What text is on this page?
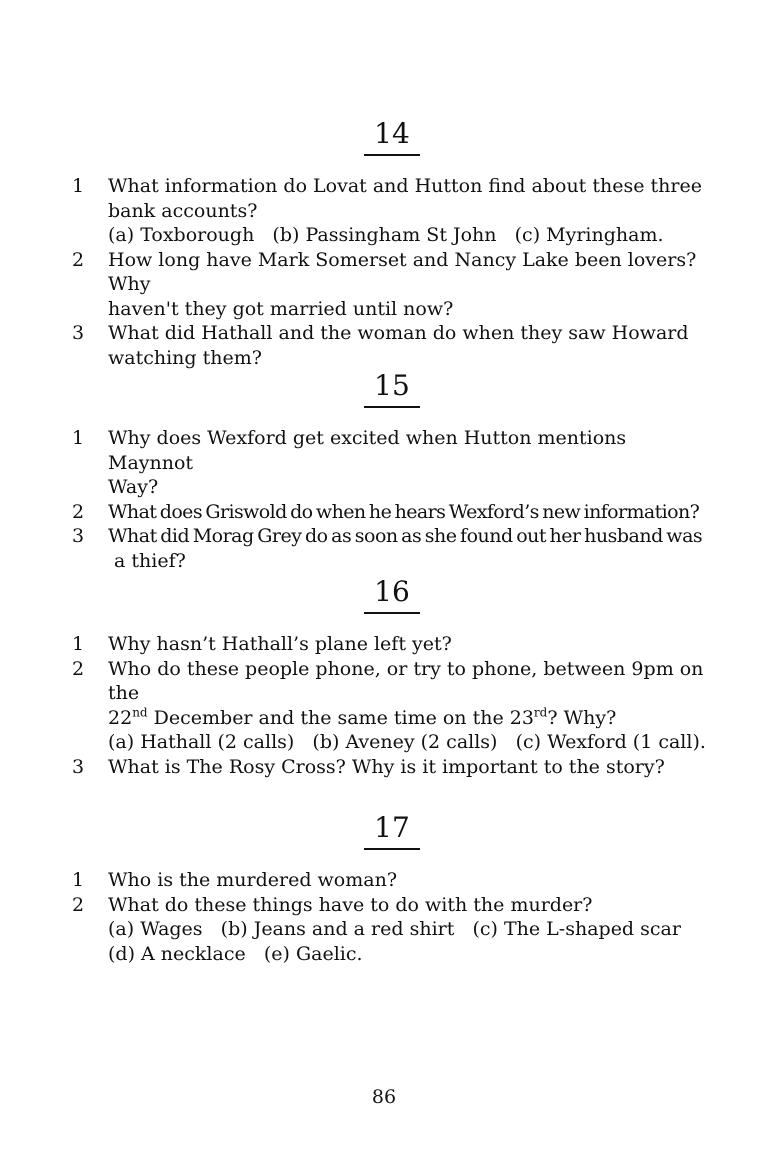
14
1	What information do Lovat and Hutton find about these three
bank accounts?
(a) Toxborough   (b) Passingham St John   (c) Myringham.
2	How long have Mark Somerset and Nancy Lake been lovers? Why
haven't they got married until now?
3	What did Hathall and the woman do when they saw Howard
watching them?
15
1	Why does Wexford get excited when Hutton mentions Maynnot
Way?
2	What does Griswold do when he hears Wexford’s new information?
3	What did Morag Grey do as soon as she found out her husband was
a thief?
16
1	Why hasn’t Hathall’s plane left yet?
2	Who do these people phone, or try to phone, between 9pm on the
22nd December and the same time on the 23rd? Why?
(a) Hathall (2 calls)   (b) Aveney (2 calls)   (c) Wexford (1 call).
3	What is The Rosy Cross? Why is it important to the story?
17
1	Who is the murdered woman?
2	What do these things have to do with the murder?
(a) Wages   (b) Jeans and a red shirt   (c) The L-shaped scar
(d) A necklace   (e) Gaelic.
86
